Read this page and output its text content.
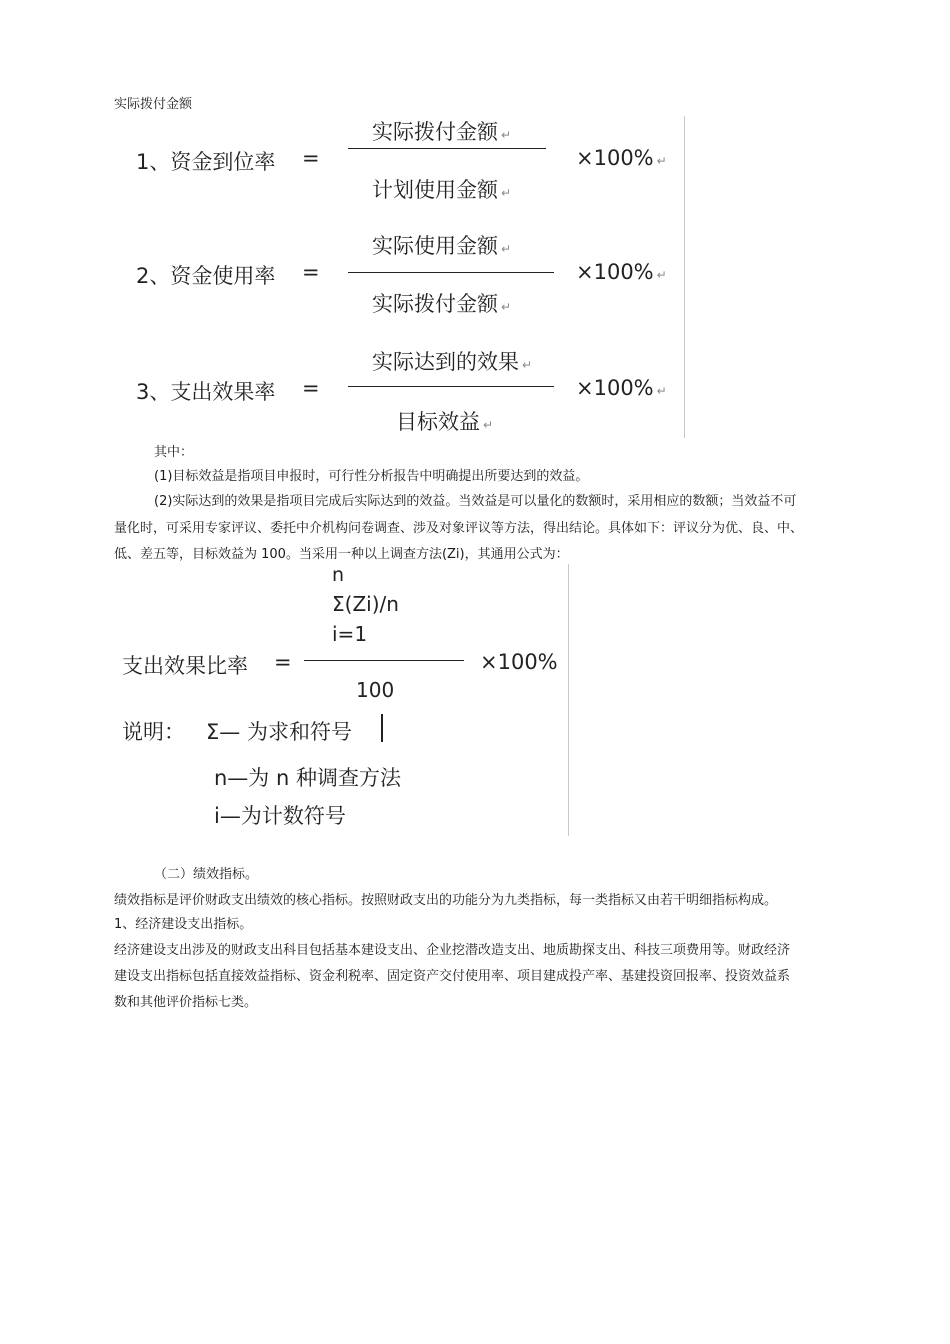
实际拨付金额
1、资金到位率 =
实际拨付金额 ↵
计划使用金额 ↵
×100% ↵
2、资金使用率 =
实际使用金额 ↵
实际拨付金额 ↵
×100% ↵
3、支出效果率 =
实际达到的效果 ↵
目标效益 ↵
×100% ↵
其中：
(1)目标效益是指项目申报时，可行性分析报告中明确提出所要达到的效益。
(2)实际达到的效果是指项目完成后实际达到的效益。当效益是可以量化的数额时，采用相应的数额；当效益不可
量化时，可采用专家评议、委托中介机构问卷调查、涉及对象评议等方法，得出结论。具体如下：评议分为优、良、中、
低、差五等，目标效益为 100。当采用一种以上调查方法(Zi)，其通用公式为：
n
Σ(Zi)/n
i=1
支出效果比率 =
100
×100%
说明： Σ— 为求和符号
n—为 n 种调查方法
i—为计数符号
（二）绩效指标。
绩效指标是评价财政支出绩效的核心指标。按照财政支出的功能分为九类指标，每一类指标又由若干明细指标构成。
1、经济建设支出指标。
经济建设支出涉及的财政支出科目包括基本建设支出、企业挖潜改造支出、地质勘探支出、科技三项费用等。财政经济
建设支出指标包括直接效益指标、资金利税率、固定资产交付使用率、项目建成投产率、基建投资回报率、投资效益系
数和其他评价指标七类。
